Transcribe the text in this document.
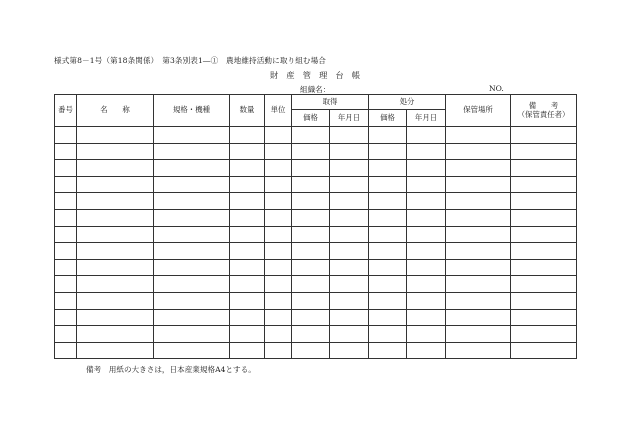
様式第8－1号（第18条関係）　第3条別表1―①　農地維持活動に取り組む場合
財　産　管　理　台　帳
組織名：	NO.
番号	名　　称	規格・機種	数量	単位	取得		処分		保管場所	備　　考
（保管責任者）
					価格	年月日	価格	年月日		

備考　用紙の大きさは，日本産業規格A4とする。
